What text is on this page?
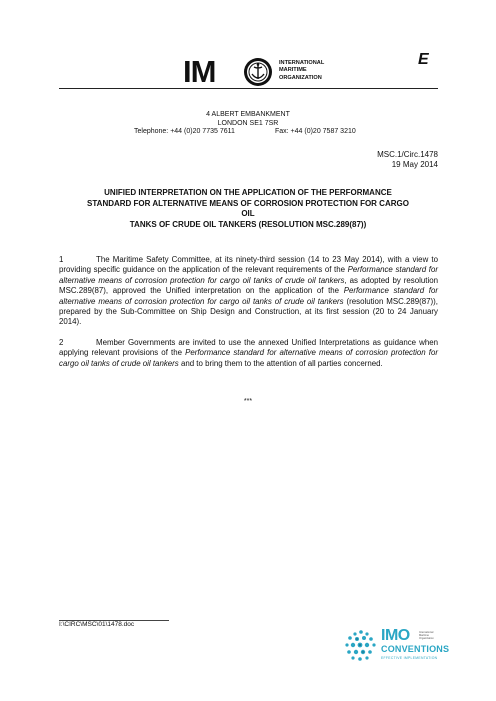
IM	INTERNATIONAL
MARITIME
ORGANIZATION
E
4 ALBERT EMBANKMENT
LONDON SE1 7SR
Telephone: +44 (0)20 7735 7611	Fax: +44 (0)20 7587 3210
MSC.1/Circ.1478
19 May 2014
UNIFIED INTERPRETATION ON THE APPLICATION OF THE PERFORMANCE
STANDARD FOR ALTERNATIVE MEANS OF CORROSION PROTECTION FOR CARGO
OIL
TANKS OF CRUDE OIL TANKERS (RESOLUTION MSC.289(87))
1	The Maritime Safety Committee, at its ninety-third session (14 to 23 May 2014), with a view to providing specific guidance on the application of the relevant requirements of the Performance standard for alternative means of corrosion protection for cargo oil tanks of crude oil tankers, as adopted by resolution MSC.289(87), approved the Unified interpretation on the application of the Performance standard for alternative means of corrosion protection for cargo oil tanks of crude oil tankers (resolution MSC.289(87)), prepared by the Sub-Committee on Ship Design and Construction, at its first session (20 to 24 January 2014).
2	Member Governments are invited to use the annexed Unified Interpretations as guidance when applying relevant provisions of the Performance standard for alternative means of corrosion protection for cargo oil tanks of crude oil tankers and to bring them to the attention of all parties concerned.
***
I:\CIRC\MSC\01\1478.doc
IMO	International
Maritime
Organization
CONVENTIONS
EFFECTIVE IMPLEMENTATION
